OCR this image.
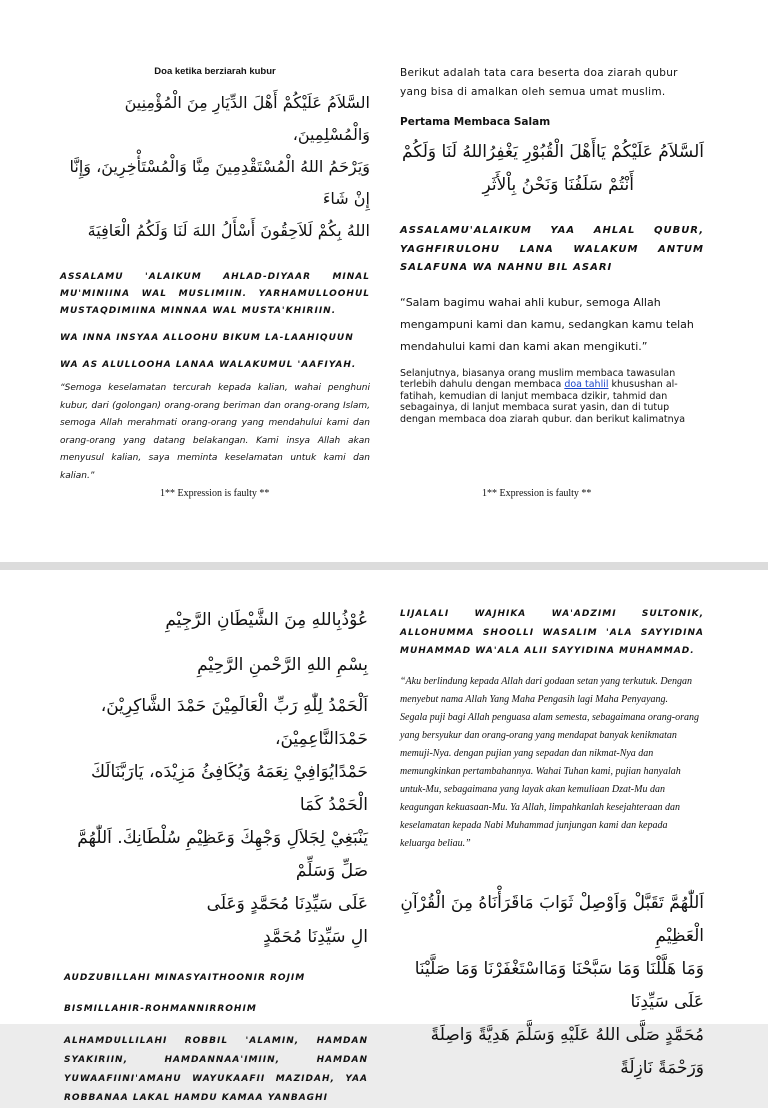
Doa ketika berziarah kubur

السَّلاَمُ عَلَيْكُمْ أَهْلَ الدِّيَارِ مِنَ الْمُؤْمِنِينَ وَالْمُسْلِمِينَ،

وَيَرْحَمُ اللهُ الْمُسْتَقْدِمِينَ مِنَّا وَالْمُسْتَأْخِرِينَ، وَإِنَّا إِنْ شَاءَ

اللهُ بِكُمْ لَلاَحِقُونَ أَسْأَلُ اللهَ لَنَا وَلَكُمُ الْعَافِيَةَ

ASSALAMU 'ALAIKUM AHLAD-DIYAAR MINAL MU'MINIINA WAL MUSLIMIIN. YARHAMULLOOHUL MUSTAQDIMIINA MINNAA WAL MUSTA'KHIRIIN.

WA INNA INSYAA ALLOOHU BIKUM LA-LAAHIQUUN

WA AS ALULLOOHA LANAA WALAKUMUL 'AAFIYAH.

“Semoga keselamatan tercurah kepada kalian, wahai penghuni kubur, dari (golongan) orang-orang beriman dan orang-orang Islam, semoga Allah merahmati orang-orang yang mendahului kami dan orang-orang yang datang belakangan. Kami insya Allah akan menyusul kalian, saya meminta keselamatan untuk kami dan kalian.”

Berikut adalah tata cara beserta doa ziarah qubur yang bisa di amalkan oleh semua umat muslim.

Pertama Membaca Salam

اَلسَّلاَمُ عَلَيْكُمْ يَاأَهْلَ الْقُبُوْرِ يَغْفِرُاللهُ لَنَا وَلَكُمْ

أَنْتُمْ سَلَفُنَا وَنَحْنُ بِاْلأَثَرِ

ASSALAMU'ALAIKUM YAA AHLAL QUBUR, YAGHFIRULOHU LANA WALAKUM ANTUM SALAFUNA WA NAHNU BIL ASARI

“Salam bagimu wahai ahli kubur, semoga Allah mengampuni kami dan kamu, sedangkan kamu telah mendahului kami dan kami akan mengikuti.”

Selanjutnya, biasanya orang muslim membaca tawasulan terlebih dahulu dengan membaca doa tahlil khusushan al-fatihah, kemudian di lanjut membaca dzikir, tahmid dan sebagainya, di lanjut membaca surat yasin, dan di tutup dengan membaca doa ziarah qubur. dan berikut kalimatnya

1** Expression is faulty **	1** Expression is faulty **

عُوْذُبِاللهِ مِنَ الشَّيْطَانِ الرَّجِيْمِ

بِسْمِ اللهِ الرَّحْمنِ الرَّحِيْمِ

اَلْحَمْدُ لِلّٰهِ رَبِّ الْعَالَمِيْنَ حَمْدَ الشَّاكِرِيْنَ، حَمْدَالنَّاعِمِيْنَ،

حَمْدًايُوَافِيْ نِعَمَهُ وَيُكَافِئُ مَزِيْدَه، يَارَبَّنَالَكَ الْحَمْدُ كَمَا

يَنْبَغِيْ لِجَلاَلِ وَجْهِكَ وَعَظِيْمِ سُلْطَانِكَ. اَللّٰهُمَّ صَلِّ وَسَلِّمْ

عَلَى سَيِّدِنَا مُحَمَّدٍ وَعَلَى

الِ سَيِّدِنَا مُحَمَّدٍ

AUDZUBILLAHI MINASYAITHOONIR ROJIM

BISMILLAHIR-ROHMANNIRROHIM

ALHAMDULLILAHI ROBBIL 'ALAMIN, HAMDAN SYAKIRIIN, HAMDANNAA'IMIIN, HAMDAN YUWAAFIINI'AMAHU WAYUKAAFII MAZIDAH, YAA ROBBANAA LAKAL HAMDU KAMAA YANBAGHI

LIJALALI WAJHIKA WA'ADZIMI SULTONIK, ALLOHUMMA SHOOLLI WASALIM 'ALA SAYYIDINA MUHAMMAD WA'ALA ALII SAYYIDINA MUHAMMAD.

“Aku berlindung kepada Allah dari godaan setan yang terkutuk. Dengan menyebut nama Allah Yang Maha Pengasih lagi Maha Penyayang.

Segala puji bagi Allah penguasa alam semesta, sebagaimana orang-orang yang bersyukur dan orang-orang yang mendapat banyak kenikmatan memuji-Nya. dengan pujian yang sepadan dan nikmat-Nya dan memungkinkan pertambahannya. Wahai Tuhan kami, pujian hanyalah untuk-Mu, sebagaimana yang layak akan kemuliaan Dzat-Mu dan keagungan kekuasaan-Mu. Ya Allah, limpahkanlah kesejahteraan dan keselamatan kepada Nabi Muhammad junjungan kami dan kepada keluarga beliau.”

اَللّٰهُمَّ تَقَبَّلْ وَاَوْصِلْ ثَوَابَ مَاقَرَأْنَاهُ مِنَ الْقُرْآنِ الْعَظِيْمِ

وَمَا هَلَّلْنَا وَمَا سَبَّحْنَا وَمَااسْتَغْفَرْنَا وَمَا صَلَّيْنَا عَلَى سَيِّدِنَا

مُحَمَّدٍ صَلَّى اللهُ عَلَيْهِ وَسَلَّمَ هَدِيَّةً وَاصِلَةً وَرَحْمَةً نَازِلَةً
